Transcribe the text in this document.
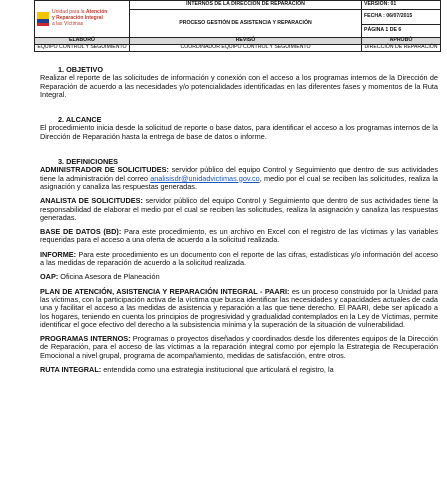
Unidad para la Atención
y Reparación Integral
a las Víctimas	INTERNOS DE LA DIRECCIÓN DE REPARACIÓN	VERSIÓN: 01
	PROCESO GESTIÓN DE ASISTENCIA Y REPARACIÓN	FECHA : 06/07/2015
		PÁGINA 1 DE 6
ELABORÓ	REVISÓ	APROBÓ
EQUIPO CONTROL Y SEGUIMIENTO	COORDINADOR EQUIPO CONTROL Y SEGUIMIENTO	DIRECCIÓN DE REPARACIÓN
1. OBJETIVO

Realizar el reporte de las solicitudes de información y conexión con el acceso a los programas internos de la Dirección de Reparación de acuerdo a las necesidades y/o potencialidades identificadas en las diferentes fases y momentos de la Ruta Integral.

2. ALCANCE

El procedimiento inicia desde la solicitud de reporte o base datos, para identificar el acceso a los programas internos de la Dirección de Reparación hasta la entrega de base de datos o informe.

3. DEFINICIONES

ADMINISTRADOR DE SOLICITUDES: servidor público del equipo Control y Seguimiento que dentro de sus actividades tiene la administración del correo analisisdr@unidadvictimas.gov.co, medio por el cual se reciben las solicitudes, realiza la asignación y canaliza las respuestas generadas.

ANALISTA DE SOLICITUDES: servidor público del equipo Control y Seguimiento que dentro de sus actividades tiene la responsabilidad de elaborar el medio por el cual se reciben las solicitudes, realiza la asignación y canaliza las respuestas generadas.

BASE DE DATOS (BD): Para este procedimiento, es un archivo en Excel con el registro de las víctimas y las variables requeridas para el acceso a una oferta de acuerdo a la solicitud realizada.

INFORME: Para este procedimiento es un documento con el reporte de las cifras, estadísticas y/o información del acceso a las medidas de reparación de acuerdo a la solicitud realizada.

OAP: Oficina Asesora de Planeación

PLAN DE ATENCIÓN, ASISTENCIA Y REPARACIÓN INTEGRAL - PAARI: es un proceso construido por la Unidad para las víctimas, con la participación activa de la víctima que busca identificar las necesidades y capacidades actuales de cada una y facilitar el acceso a las medidas de asistencia y reparación a las que tiene derecho. El PAARI, debe ser aplicado a los hogares, teniendo en cuenta los principios de progresividad y gradualidad contemplados en la Ley de Víctimas, permite identificar el goce efectivo del derecho a la subsistencia mínima y la superación de la situación de vulnerabilidad.

PROGRAMAS INTERNOS: Programas o proyectos diseñados y coordinados desde los diferentes equipos de la Dirección de Reparación, para el acceso de las víctimas a la reparación integral como por ejemplo la Estrategia de Recuperación Emocional a nivel grupal, programa de acompañamiento, medidas de satisfacción, entre otros.

RUTA INTEGRAL: entendida como una estrategia institucional que articulará el registro, la
